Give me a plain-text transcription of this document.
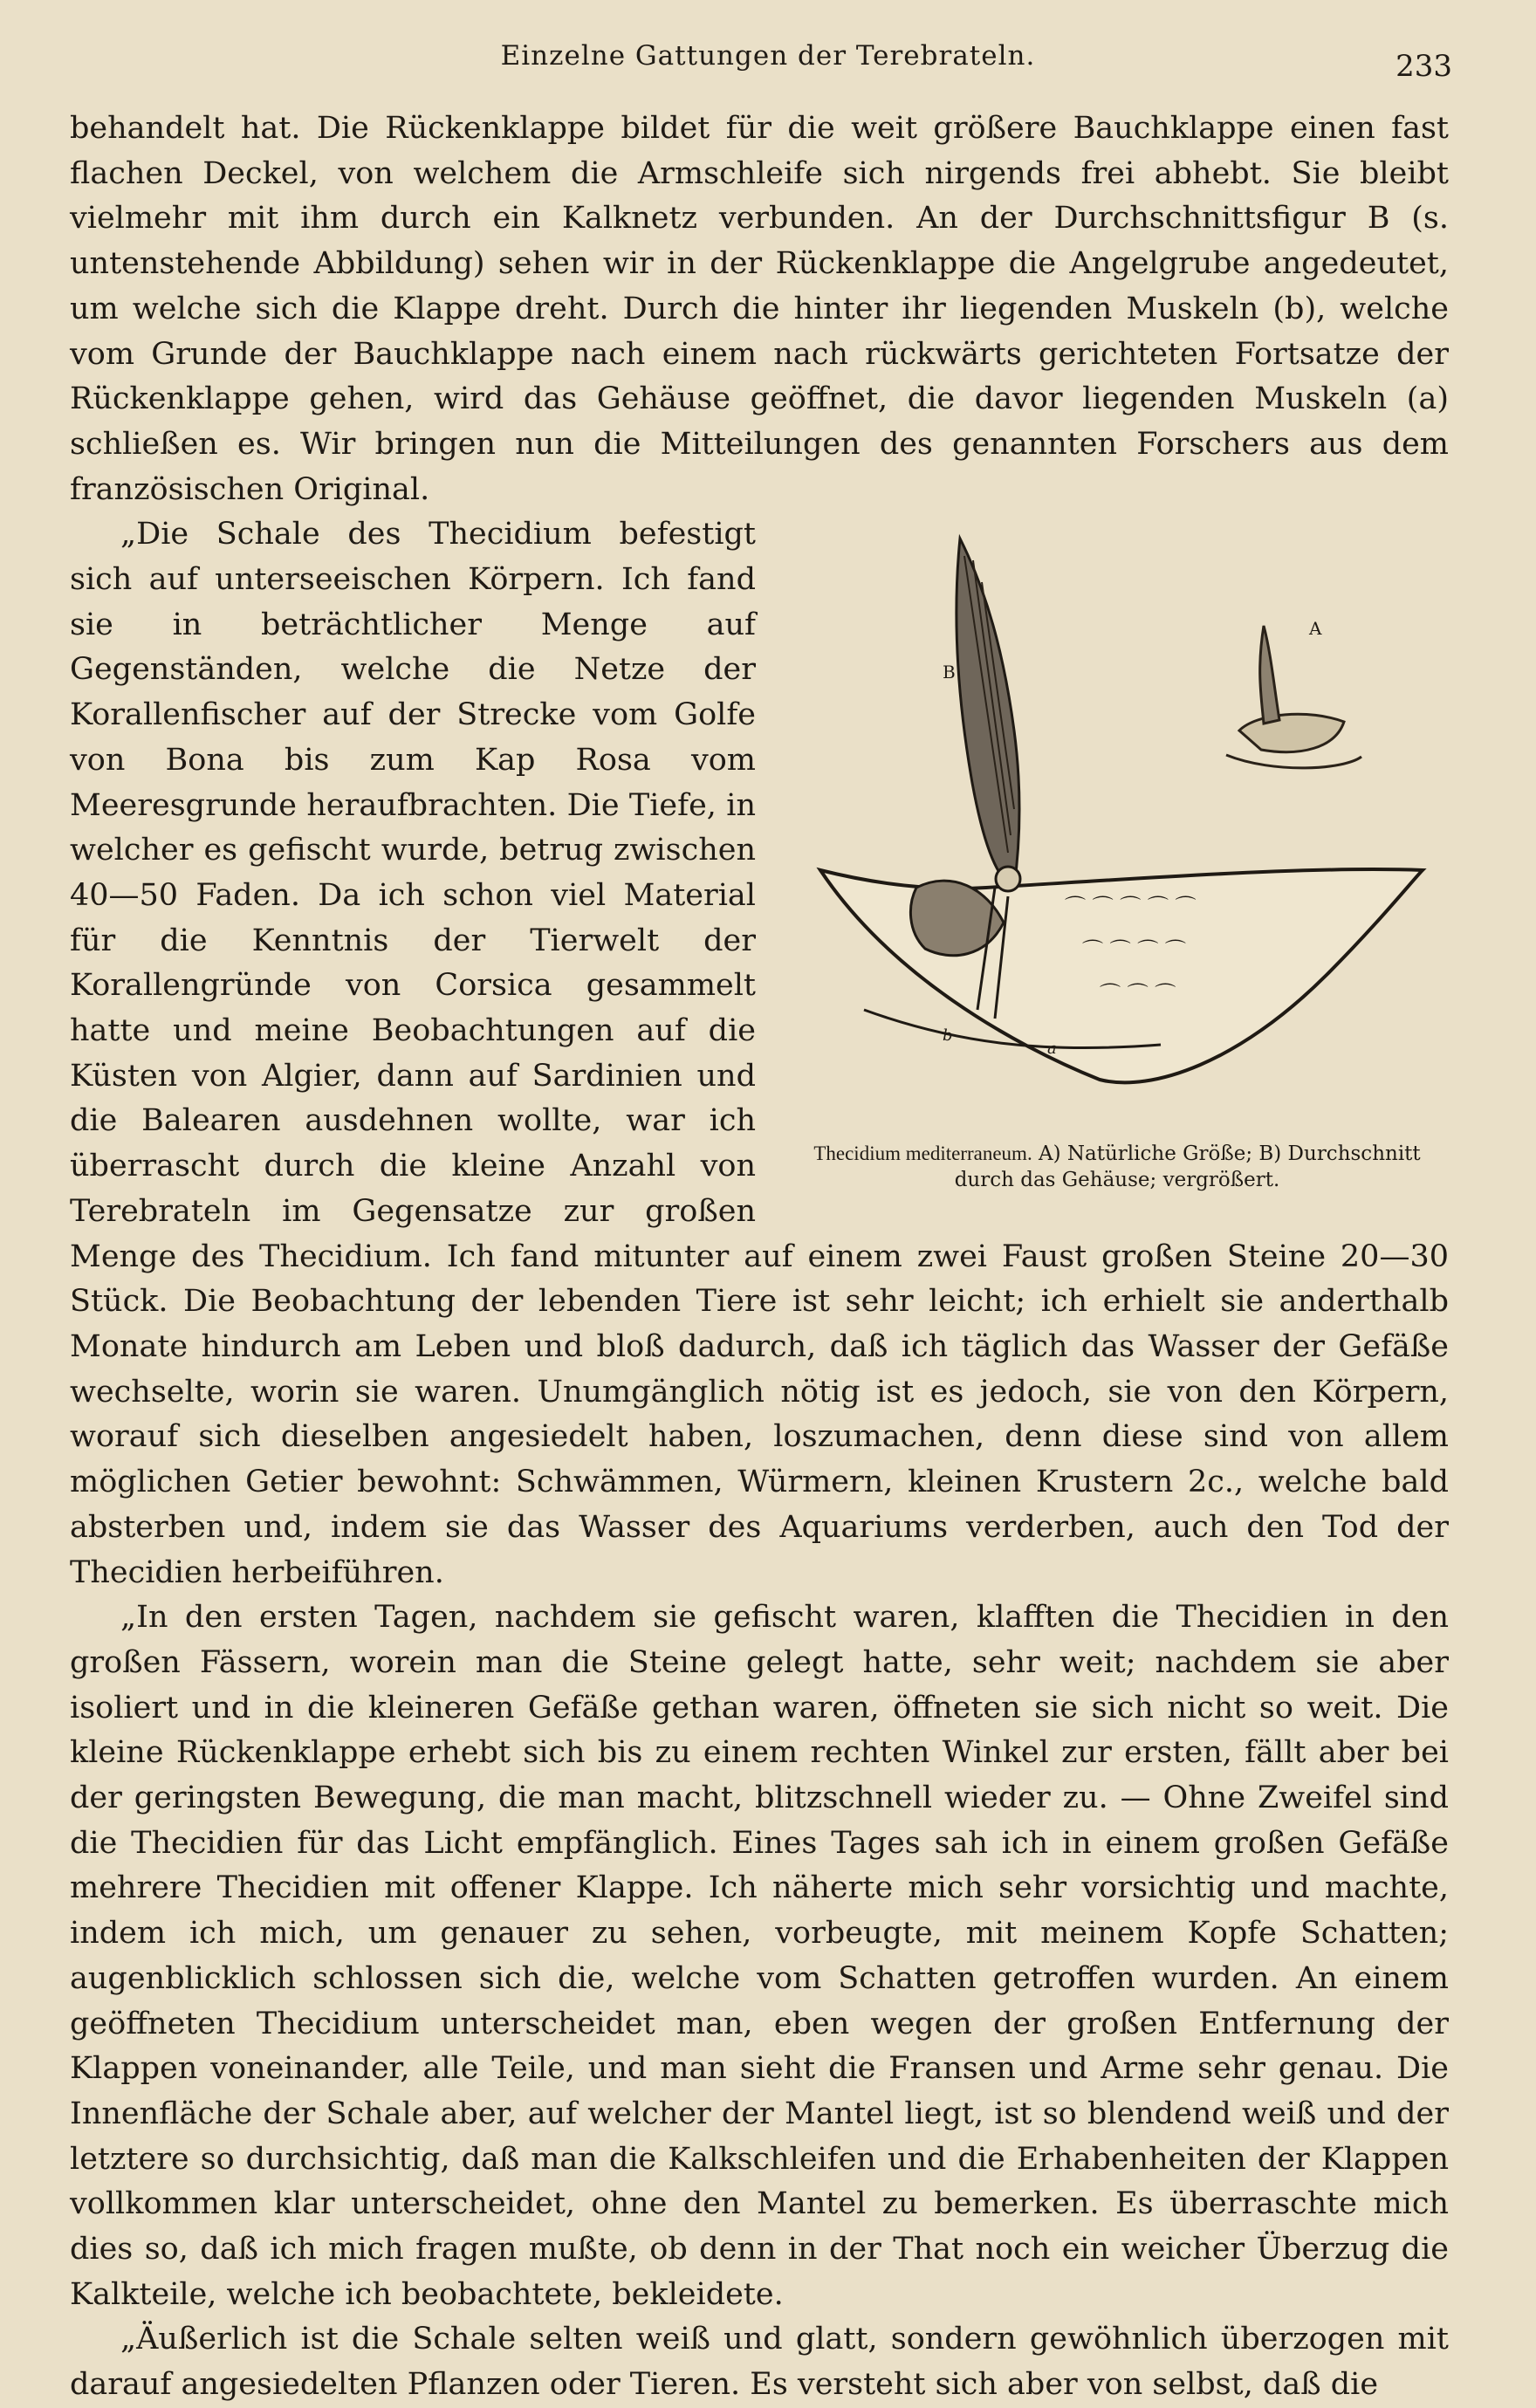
Einzelne Gattungen der Terebrateln.	233

behandelt hat. Die Rückenklappe bildet für die weit größere Bauchklappe einen fast flachen Deckel, von welchem die Armschleife sich nirgends frei abhebt. Sie bleibt vielmehr mit ihm durch ein Kalknetz verbunden. An der Durchschnittsfigur B (s. untenstehende Abbildung) sehen wir in der Rückenklappe die Angelgrube angedeutet, um welche sich die Klappe dreht. Durch die hinter ihr liegenden Muskeln (b), welche vom Grunde der Bauchklappe nach einem nach rückwärts gerichteten Fortsatze der Rückenklappe gehen, wird das Gehäuse geöffnet, die davor liegenden Muskeln (a) schließen es. Wir bringen nun die Mitteilungen des genannten Forschers aus dem französischen Original.

A
⌒ ⌒ ⌒ ⌒ ⌒
⌒ ⌒ ⌒ ⌒
⌒ ⌒ ⌒
B
b
a
Thecidium mediterraneum. A) Natürliche Größe; B) Durchschnitt durch das Gehäuse; vergrößert.

„Die Schale des Thecidium befestigt sich auf unterseeischen Körpern. Ich fand sie in beträchtlicher Menge auf Gegenständen, welche die Netze der Korallenfischer auf der Strecke vom Golfe von Bona bis zum Kap Rosa vom Meeresgrunde heraufbrachten. Die Tiefe, in welcher es gefischt wurde, betrug zwischen 40—50 Faden. Da ich schon viel Material für die Kenntnis der Tierwelt der Korallengründe von Corsica gesammelt hatte und meine Beobachtungen auf die Küsten von Algier, dann auf Sardinien und die Balearen ausdehnen wollte, war ich überrascht durch die kleine Anzahl von Terebrateln im Gegensatze zur großen Menge des Thecidium. Ich fand mitunter auf einem zwei Faust großen Steine 20—30 Stück. Die Beobachtung der lebenden Tiere ist sehr leicht; ich erhielt sie anderthalb Monate hindurch am Leben und bloß dadurch, daß ich täglich das Wasser der Gefäße wechselte, worin sie waren. Unumgänglich nötig ist es jedoch, sie von den Körpern, worauf sich dieselben angesiedelt haben, loszumachen, denn diese sind von allem möglichen Getier bewohnt: Schwämmen, Würmern, kleinen Krustern 2c., welche bald absterben und, indem sie das Wasser des Aquariums verderben, auch den Tod der Thecidien herbeiführen.

„In den ersten Tagen, nachdem sie gefischt waren, klafften die Thecidien in den großen Fässern, worein man die Steine gelegt hatte, sehr weit; nachdem sie aber isoliert und in die kleineren Gefäße gethan waren, öffneten sie sich nicht so weit. Die kleine Rückenklappe erhebt sich bis zu einem rechten Winkel zur ersten, fällt aber bei der geringsten Bewegung, die man macht, blitzschnell wieder zu. — Ohne Zweifel sind die Thecidien für das Licht empfänglich. Eines Tages sah ich in einem großen Gefäße mehrere Thecidien mit offener Klappe. Ich näherte mich sehr vorsichtig und machte, indem ich mich, um genauer zu sehen, vorbeugte, mit meinem Kopfe Schatten; augenblicklich schlossen sich die, welche vom Schatten getroffen wurden. An einem geöffneten Thecidium unterscheidet man, eben wegen der großen Entfernung der Klappen voneinander, alle Teile, und man sieht die Fransen und Arme sehr genau. Die Innenfläche der Schale aber, auf welcher der Mantel liegt, ist so blendend weiß und der letztere so durchsichtig, daß man die Kalkschleifen und die Erhabenheiten der Klappen vollkommen klar unterscheidet, ohne den Mantel zu bemerken. Es überraschte mich dies so, daß ich mich fragen mußte, ob denn in der That noch ein weicher Überzug die Kalkteile, welche ich beobachtete, bekleidete.

„Äußerlich ist die Schale selten weiß und glatt, sondern gewöhnlich überzogen mit darauf angesiedelten Pflanzen oder Tieren. Es versteht sich aber von selbst, daß die
